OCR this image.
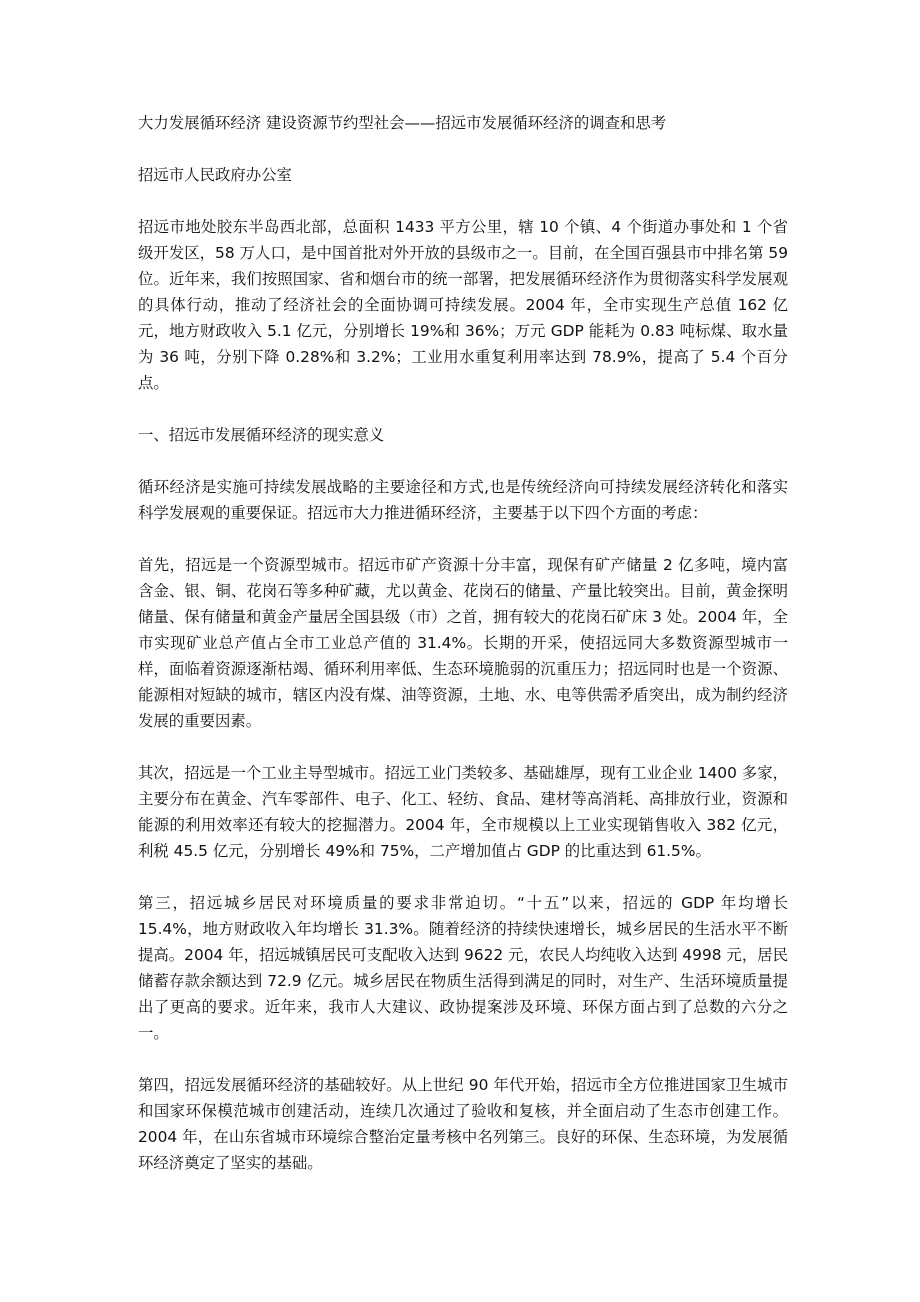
大力发展循环经济 建设资源节约型社会——招远市发展循环经济的调查和思考

招远市人民政府办公室

招远市地处胶东半岛西北部，总面积 1433 平方公里，辖 10 个镇、4 个街道办事处和 1 个省级开发区，58 万人口，是中国首批对外开放的县级市之一。目前，在全国百强县市中排名第 59 位。近年来，我们按照国家、省和烟台市的统一部署，把发展循环经济作为贯彻落实科学发展观的具体行动，推动了经济社会的全面协调可持续发展。2004 年，全市实现生产总值 162 亿元，地方财政收入 5.1 亿元，分别增长 19%和 36%；万元 GDP 能耗为 0.83 吨标煤、取水量为 36 吨，分别下降 0.28%和 3.2%；工业用水重复利用率达到 78.9%，提高了 5.4 个百分点。

一、招远市发展循环经济的现实意义

循环经济是实施可持续发展战略的主要途径和方式,也是传统经济向可持续发展经济转化和落实科学发展观的重要保证。招远市大力推进循环经济，主要基于以下四个方面的考虑：

首先，招远是一个资源型城市。招远市矿产资源十分丰富，现保有矿产储量 2 亿多吨，境内富含金、银、铜、花岗石等多种矿藏，尤以黄金、花岗石的储量、产量比较突出。目前，黄金探明储量、保有储量和黄金产量居全国县级（市）之首，拥有较大的花岗石矿床 3 处。2004 年，全市实现矿业总产值占全市工业总产值的 31.4%。长期的开采，使招远同大多数资源型城市一样，面临着资源逐渐枯竭、循环利用率低、生态环境脆弱的沉重压力；招远同时也是一个资源、能源相对短缺的城市，辖区内没有煤、油等资源，土地、水、电等供需矛盾突出，成为制约经济发展的重要因素。

其次，招远是一个工业主导型城市。招远工业门类较多、基础雄厚，现有工业企业 1400 多家，主要分布在黄金、汽车零部件、电子、化工、轻纺、食品、建材等高消耗、高排放行业，资源和能源的利用效率还有较大的挖掘潜力。2004 年，全市规模以上工业实现销售收入 382 亿元，利税 45.5 亿元，分别增长 49%和 75%，二产增加值占 GDP 的比重达到 61.5%。

第三，招远城乡居民对环境质量的要求非常迫切。“十五”以来，招远的 GDP 年均增长 15.4%，地方财政收入年均增长 31.3%。随着经济的持续快速增长，城乡居民的生活水平不断提高。2004 年，招远城镇居民可支配收入达到 9622 元，农民人均纯收入达到 4998 元，居民储蓄存款余额达到 72.9 亿元。城乡居民在物质生活得到满足的同时，对生产、生活环境质量提出了更高的要求。近年来，我市人大建议、政协提案涉及环境、环保方面占到了总数的六分之一。

第四，招远发展循环经济的基础较好。从上世纪 90 年代开始，招远市全方位推进国家卫生城市和国家环保模范城市创建活动，连续几次通过了验收和复核，并全面启动了生态市创建工作。2004 年，在山东省城市环境综合整治定量考核中名列第三。良好的环保、生态环境，为发展循环经济奠定了坚实的基础。
